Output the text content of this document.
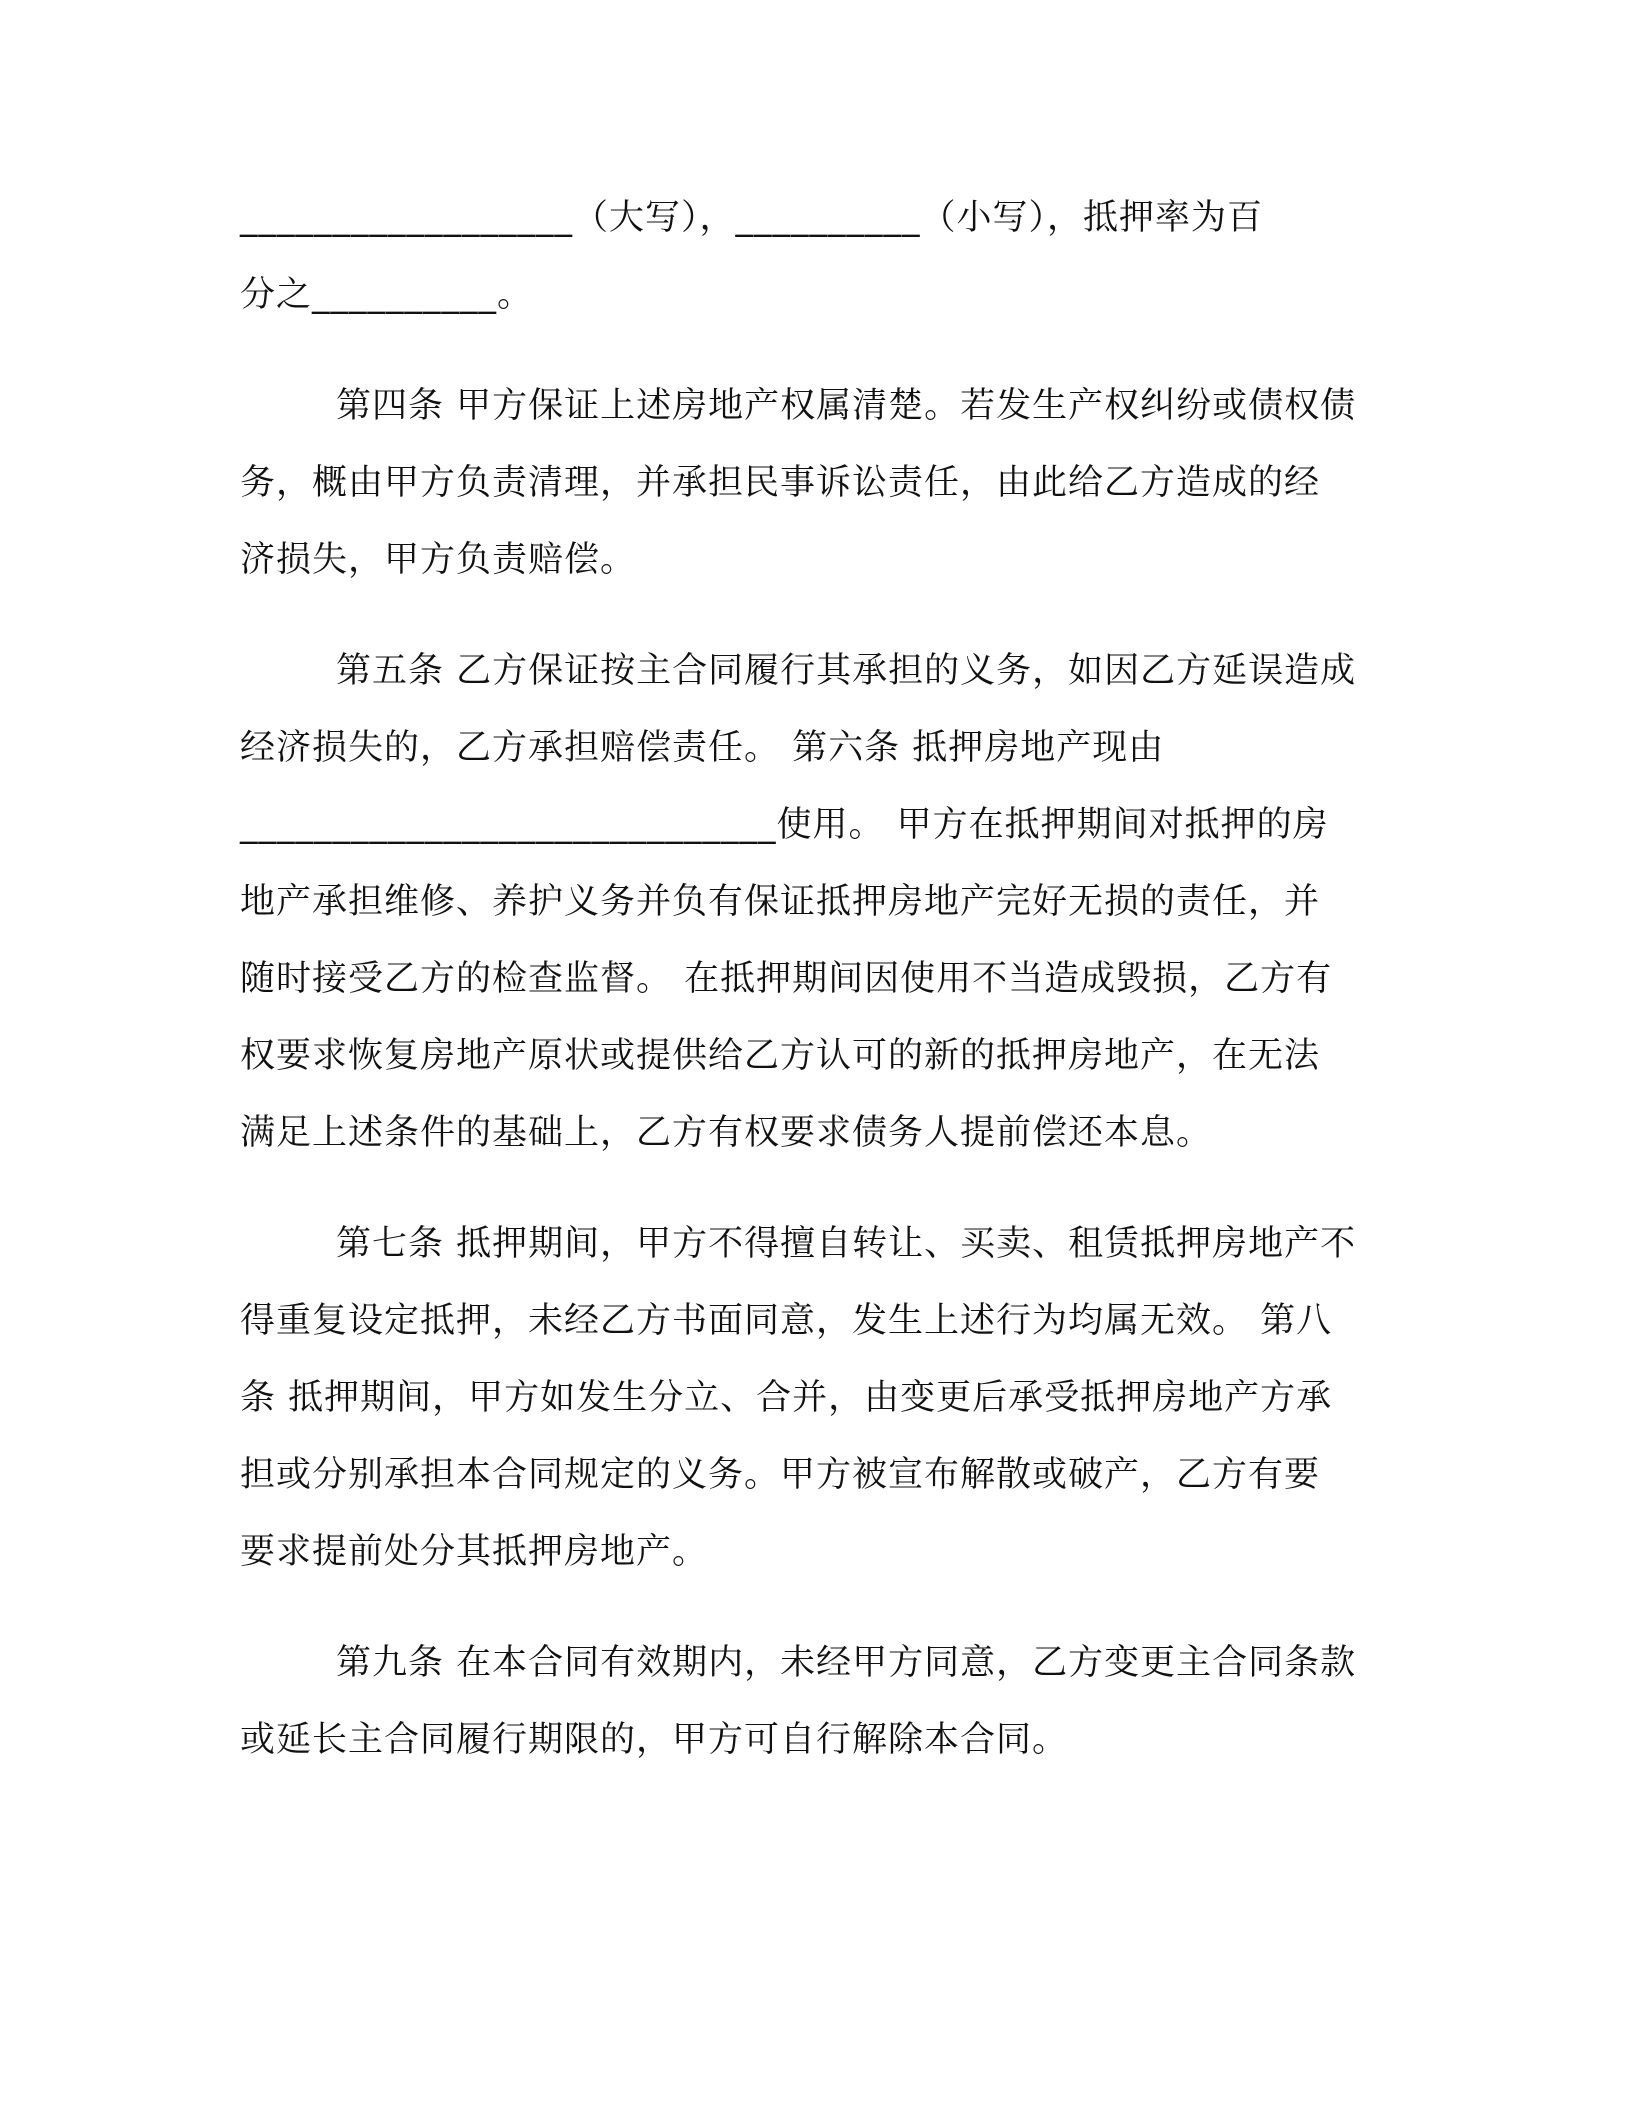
__________________（大写），__________（小写），抵押率为百
分之__________。

第四条 甲方保证上述房地产权属清楚。若发生产权纠纷或债权债
务，概由甲方负责清理，并承担民事诉讼责任，由此给乙方造成的经
济损失，甲方负责赔偿。

第五条 乙方保证按主合同履行其承担的义务，如因乙方延误造成
经济损失的，乙方承担赔偿责任。 第六条 抵押房地产现由
_____________________________使用。 甲方在抵押期间对抵押的房
地产承担维修、养护义务并负有保证抵押房地产完好无损的责任，并
随时接受乙方的检查监督。 在抵押期间因使用不当造成毁损，乙方有
权要求恢复房地产原状或提供给乙方认可的新的抵押房地产，在无法
满足上述条件的基础上，乙方有权要求债务人提前偿还本息。

第七条 抵押期间，甲方不得擅自转让、买卖、租赁抵押房地产不
得重复设定抵押，未经乙方书面同意，发生上述行为均属无效。 第八
条 抵押期间，甲方如发生分立、合并，由变更后承受抵押房地产方承
担或分别承担本合同规定的义务。甲方被宣布解散或破产，乙方有要
要求提前处分其抵押房地产。

第九条 在本合同有效期内，未经甲方同意，乙方变更主合同条款
或延长主合同履行期限的，甲方可自行解除本合同。
